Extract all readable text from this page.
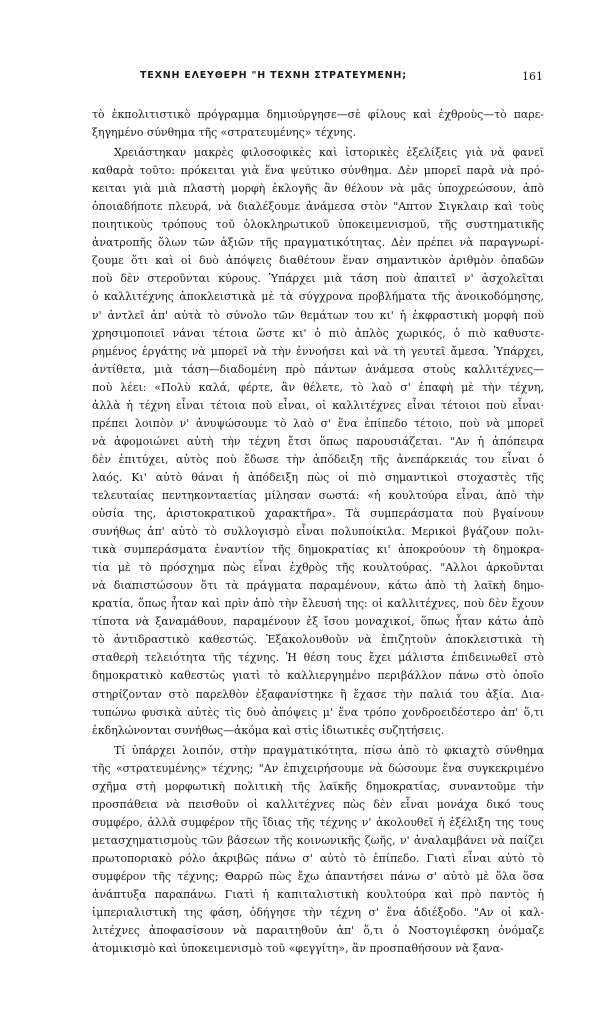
ΤΕΧΝΗ ΕΛΕΥΘΕΡΗ "Η ΤΕΧΝΗ ΣΤΡΑΤΕΥΜΕΝΗ;	161
τὸ ἐκπολιτιστικὸ πρόγραμμα δημιούργησε—σὲ φίλους καὶ ἐχθροὺς—τὸ παρε-
ξηγημένο σύνθημα τῆς «στρατευμένης» τέχνης.
Χρειάστηκαν μακρὲς φιλοσοφικὲς καὶ ἱστορικὲς ἐξελίξεις γιὰ νὰ φανεῖ
καθαρὰ τοῦτο: πρόκειται γιὰ ἕνα ψεύτικο σύνθημα. Δὲν μπορεῖ παρὰ νὰ πρό-
κειται γιὰ μιὰ πλαστὴ μορφὴ ἐκλογῆς ἂν θέλουν νὰ μᾶς ὑποχρεώσουν, ἀπὸ
ὁποιαδήποτε πλευρά, νὰ διαλέξουμε ἀνάμεσα στὸν "Απτον Σιγκλαιρ καὶ τοὺς
ποιητικοὺς τρόπους τοῦ ὁλοκληρωτικοῦ ὑποκειμενισμοῦ, τῆς συστηματικῆς
ἀνατροπῆς ὅλων τῶν ἀξιῶν τῆς πραγματικότητας. Δὲν πρέπει νὰ παραγνωρί-
ζουμε ὅτι καὶ οἱ δυὸ ἀπόψεις διαθέτουν ἕναν σημαντικὸν ἀριθμὸν ὀπαδῶν
ποὺ δὲν στεροῦνται κύρους. Ὑπάρχει μιὰ τάση ποὺ ἀπαιτεῖ ν' ἀσχολεῖται
ὁ καλλιτέχνης ἀποκλειστικὰ μὲ τὰ σύγχρονα προβλήματα τῆς ἀνοικοδόμησης,
ν' ἀντλεῖ ἀπ' αὐτὰ τὸ σύνολο τῶν θεμάτων του κι' ἡ ἐκφραστικὴ μορφὴ ποὺ
χρησιμοποιεῖ νάναι τέτοια ὥστε κι' ὁ πιὸ ἁπλὸς χωρικός, ὁ πιὸ καθυστε-
ρημένος ἐργάτης νὰ μπορεῖ νὰ τὴν ἐννοήσει καὶ νὰ τὴ γευτεῖ ἄμεσα. Ὑπάρχει,
ἀντίθετα, μιὰ τάση—διαδομένη πρὸ πάντων ἀνάμεσα στοὺς καλλιτέχνες—
ποὺ λέει: «Πολὺ καλά, φέρτε, ἂν θέλετε, τὸ λαὸ σ' ἐπαφὴ μὲ τὴν τέχνη,
ἀλλὰ ἡ τέχνη εἶναι τέτοια ποὺ εἶναι, οἱ καλλιτέχνες εἶναι τέτοιοι ποὺ εἶναι·
πρέπει λοιπὸν ν' ἀνυψώσουμε τὸ λαὸ σ' ἕνα ἐπίπεδο τέτοιο, ποὺ νὰ μπορεῖ
νὰ ἀφομοιώνει αὐτὴ τὴν τέχνη ἔτσι ὅπως παρουσιάζεται. "Αν ἡ ἀπόπειρα
δὲν ἐπιτύχει, αὐτὸς ποὺ ἔδωσε τὴν ἀπόδειξη τῆς ἀνεπάρκειάς του εἶναι ὁ
λαός. Κι' αὐτὸ θάναι ἡ ἀπόδειξη πὼς οἱ πιὸ σημαντικοὶ στοχαστὲς τῆς
τελευταίας πεντηκονταετίας μίλησαν σωστά: «ἡ κουλτούρα εἶναι, ἀπὸ τὴν
οὐσία της, ἀριστοκρατικοῦ χαρακτῆρα». Τὰ συμπεράσματα ποὺ βγαίνουν
συνήθως ἀπ' αὐτὸ τὸ συλλογισμὸ εἶναι πολυποίκιλα. Μερικοὶ βγάζουν πολι-
τικὰ συμπεράσματα ἐναντίον τῆς δημοκρατίας κι' ἀποκρούουν τὴ δημοκρα-
τία μὲ τὸ πρόσχημα πὼς εἶναι ἐχθρὸς τῆς κουλτούρας. "Αλλοι ἀρκοῦνται
νὰ διαπιστώσουν ὅτι τὰ πράγματα παραμένουν, κάτω ἀπὸ τὴ λαϊκὴ δημο-
κρατία, ὅπως ἦταν καὶ πρὶν ἀπὸ τὴν ἔλευσή της: οἱ καλλιτέχνες, ποὺ δὲν ἔχουν
τίποτα νὰ ξαναμάθουν, παραμένουν ἐξ ἴσου μοναχικοί, ὅπως ἦταν κάτω ἀπὸ
τὸ ἀντιδραστικὸ καθεστώς. Ἐξακολουθοῦν νὰ ἐπιζητοῦν ἀποκλειστικὰ τὴ
σταθερὴ τελειότητα τῆς τέχνης. Ἡ θέση τους ἔχει μάλιστα ἐπιδεινωθεῖ στὸ
δημοκρατικὸ καθεστὼς γιατὶ τὸ καλλιεργημένο περιβάλλον πάνω στὸ ὁποῖο
στηρίζονταν στὸ παρελθὸν ἐξαφανίστηκε ἢ ἔχασε τὴν παλιά του ἀξία. Δια-
τυπώνω φυσικὰ αὐτὲς τὶς δυὸ ἀπόψεις μ' ἕνα τρόπο χονδροειδέστερο ἀπ' ὅ,τι
ἐκδηλώνονται συνήθως—ἀκόμα καὶ στὶς ἰδιωτικὲς συζητήσεις.
Τί ὑπάρχει λοιπόν, στὴν πραγματικότητα, πίσω ἀπὸ τὸ φκιαχτὸ σύνθημα
τῆς «στρατευμένης» τέχνης; "Αν ἐπιχειρήσουμε νὰ δώσουμε ἕνα συγκεκριμένο
σχῆμα στὴ μορφωτικὴ πολιτικὴ τῆς λαϊκῆς δημοκρατίας, συναντοῦμε τὴν
προσπάθεια νὰ πεισθοῦν οἱ καλλιτέχνες πὼς δὲν εἶναι μονάχα δικό τους
συμφέρο, ἀλλὰ συμφέρον τῆς ἴδιας τῆς τέχνης ν' ἀκολουθεῖ ἡ ἐξέλιξη της τους
μετασχηματισμοὺς τῶν βάσεων τῆς κοινωνικῆς ζωῆς, ν' ἀναλαμβάνει νὰ παίζει
πρωτοποριακὸ ρόλο ἀκριβῶς πάνω σ' αὐτὸ τὸ ἐπίπεδο. Γιατὶ εἶναι αὐτὸ τὸ
συμφέρον τῆς τέχνης; Θαρρῶ πὼς ἔχω ἀπαντήσει πάνω σ' αὐτὸ μὲ ὅλα ὅσα
ἀνάπτυξα παραπάνω. Γιατὶ ἡ καπιταλιστικὴ κουλτούρα καὶ πρὸ παντὸς ἡ
ἰμπεριαλιστικὴ της φάση, ὁδήγησε τὴν τέχνη σ' ἕνα ἀδιέξοδο. "Αν οἱ καλ-
λιτέχνες ἀποφασίσουν νὰ παραιτηθοῦν ἀπ' ὅ,τι ὁ Νοστογιέφσκη ὀνόμαζε
ἀτομικισμὸ καὶ ὑποκειμενισμὸ τοῦ «φεγγίτη», ἂν προσπαθήσουν νὰ ξανα-
